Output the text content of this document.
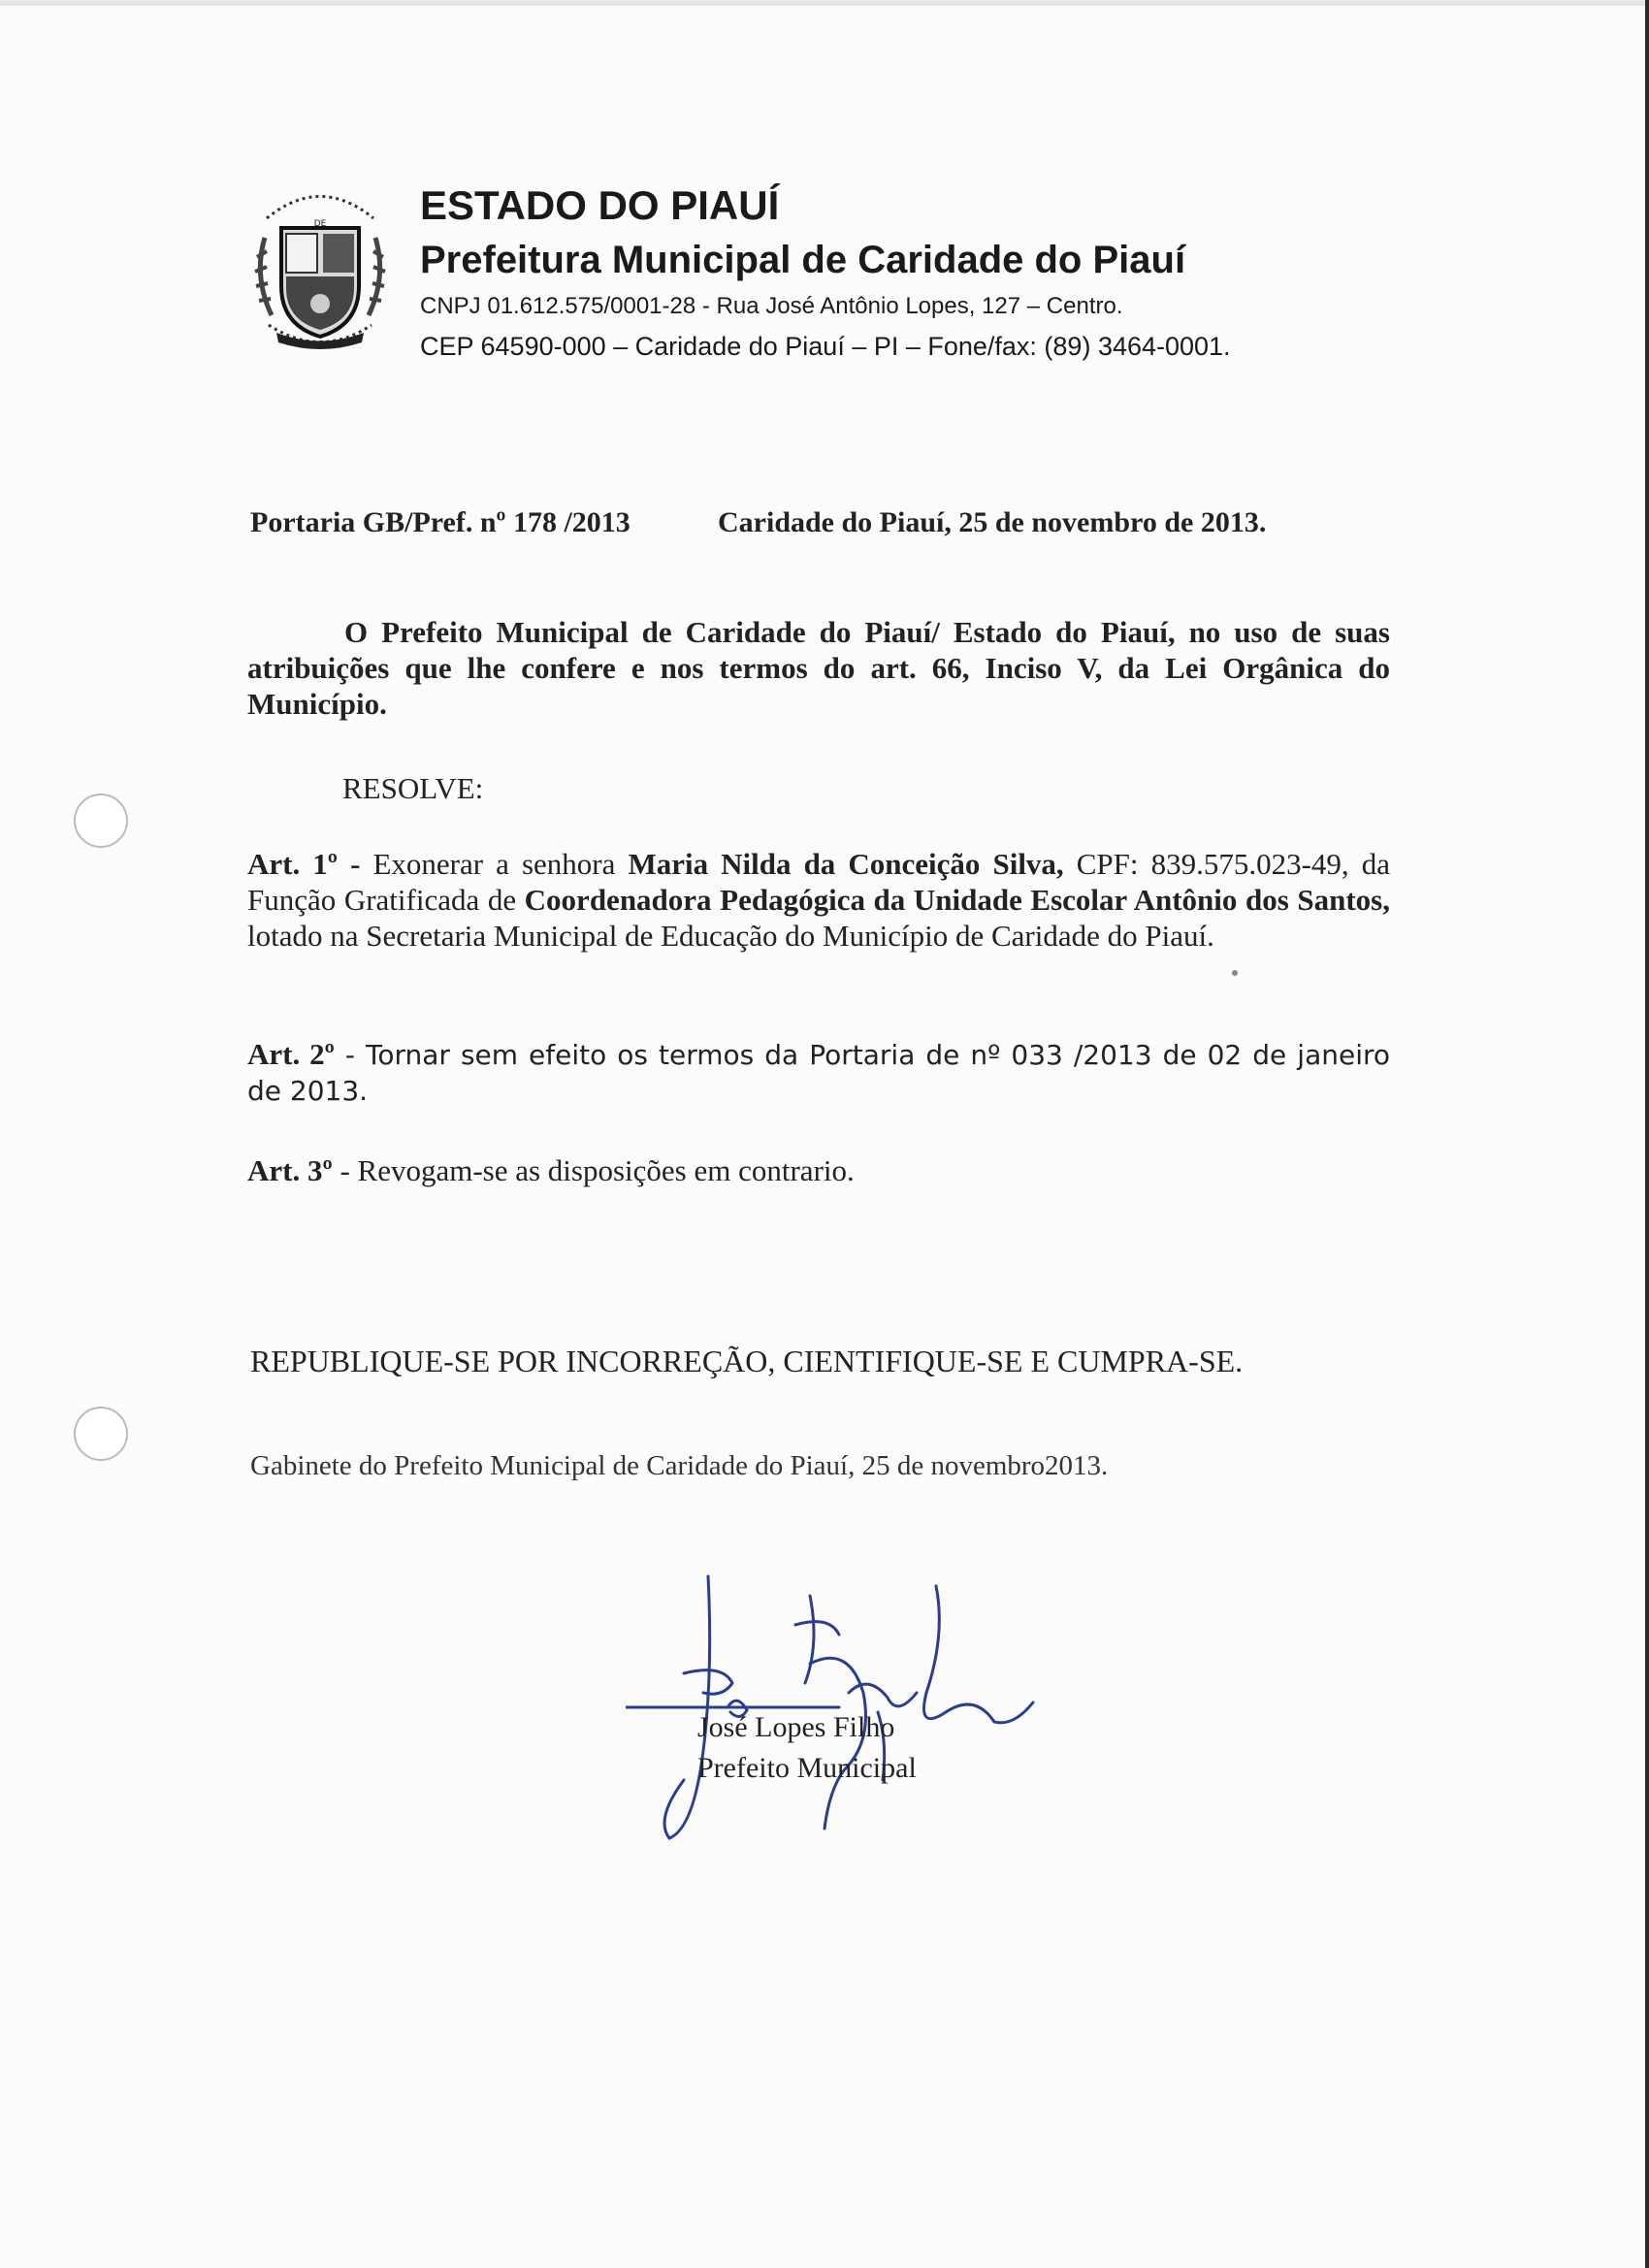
DE ESTADO DO PIAUÍ
Prefeitura Municipal de Caridade do Piauí
CNPJ 01.612.575/0001-28 - Rua José Antônio Lopes, 127 – Centro.
CEP 64590-000 – Caridade do Piauí – PI – Fone/fax: (89) 3464-0001.
Portaria GB/Pref. nº 178 /2013	Caridade do Piauí, 25 de novembro de 2013.
O Prefeito Municipal de Caridade do Piauí/ Estado do Piauí, no uso de suas atribuições que lhe confere e nos termos do art. 66, Inciso V, da Lei Orgânica do Município.
RESOLVE:
Art. 1º - Exonerar a senhora Maria Nilda da Conceição Silva, CPF: 839.575.023-49, da Função Gratificada de Coordenadora Pedagógica da Unidade Escolar Antônio dos Santos, lotado na Secretaria Municipal de Educação do Município de Caridade do Piauí.
Art. 2º - Tornar sem efeito os termos da Portaria de nº 033 /2013 de 02 de janeiro de 2013.
Art. 3º - Revogam-se as disposições em contrario.
REPUBLIQUE-SE POR INCORREÇÃO, CIENTIFIQUE-SE E CUMPRA-SE.
Gabinete do Prefeito Municipal de Caridade do Piauí, 25 de novembro2013.
José Lopes Filho
Prefeito Municipal
